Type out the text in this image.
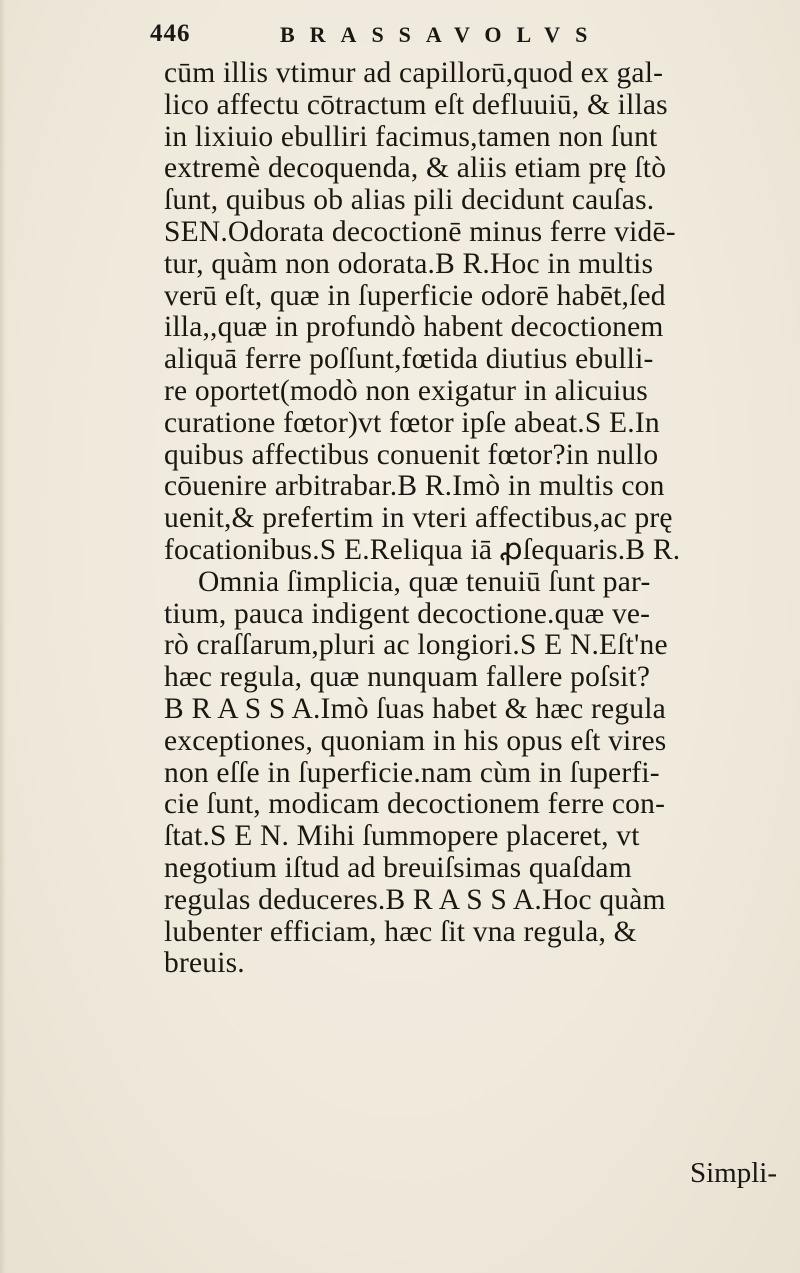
446	BRASSAVOLVS
cūm illis vtimur ad capillorū,quod ex gal-
lico affectu cōtractum eſt defluuiū, & illas
in lixiuio ebulliri facimus,tamen non ſunt
extremè decoquenda, & aliis etiam prę ſtò
ſunt, quibus ob alias pili decidunt cauſas.
SEN.Odorata decoctionē minus ferre vidē-
tur, quàm non odorata.B R.Hoc in multis
verū eſt, quæ in ſuperficie odorē habēt,ſed
illa,,quæ in profundò habent decoctionem
aliquā ferre poſſunt,fœtida diutius ebulli-
re oportet(modò non exigatur in alicuius
curatione fœtor)vt fœtor ipſe abeat.S E.In
quibus affectibus conuenit fœtor?in nullo
cōuenire arbitrabar.B R.Imò in multis con
uenit,& prefertim in vteri affectibus,ac prę
focationibus.S E.Reliqua iā ꝓſequaris.B R.
Omnia ſimplicia, quæ tenuiū ſunt par-
tium, pauca indigent decoctione.quæ ve-
rò craſſarum,pluri ac longiori.S E N.Eſt'ne
hæc regula, quæ nunquam fallere poſsit?
B R A S S A.Imò ſuas habet & hæc regula
exceptiones, quoniam in his opus eſt vires
non eſſe in ſuperficie.nam cùm in ſuperfi-
cie ſunt, modicam decoctionem ferre con-
ſtat.S E N. Mihi ſummopere placeret, vt
negotium iſtud ad breuiſsimas quaſdam
regulas deduceres.B R A S S A.Hoc quàm
lubenter efficiam, hæc ſit vna regula, &
breuis.
Simpli-
